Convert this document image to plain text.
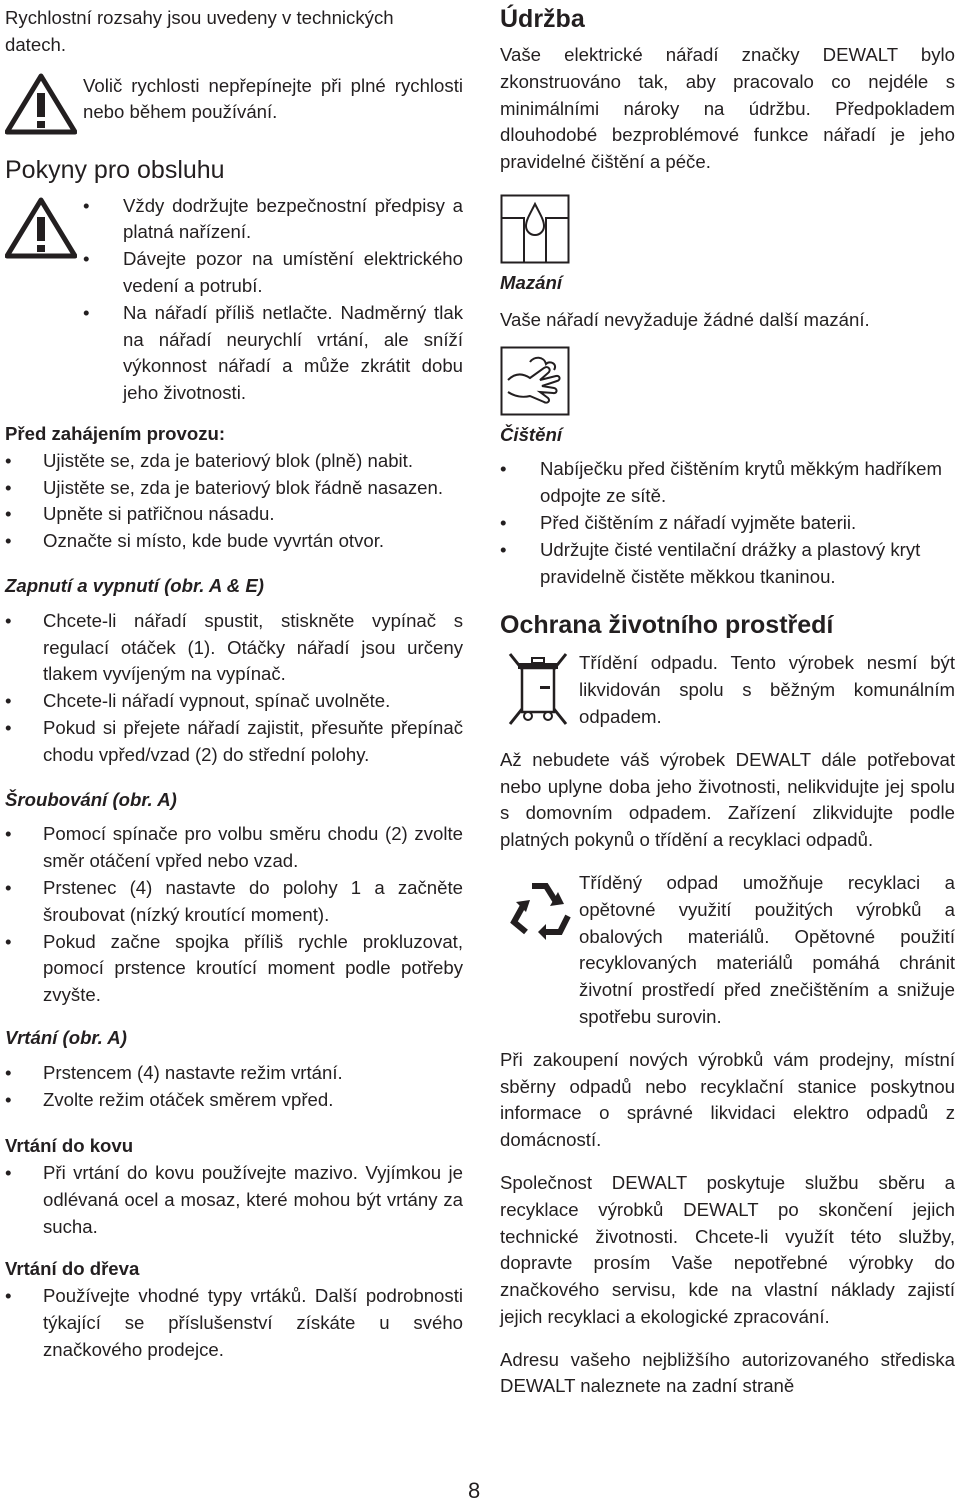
Rychlostní rozsahy jsou uvedeny v technických

datech.

Volič rychlosti nepřepínejte při plné rychlosti nebo během používání.

Pokyny pro obsluhu
• Vždy dodržujte bezpečnostní předpisy a platná nařízení.
• Dávejte pozor na umístění elektrického vedení a potrubí.
• Na nářadí příliš netlačte. Nadměrný tlak na nářadí neurychlí vrtání, ale sníží výkonnost nářadí a může zkrátit dobu jeho životnosti.
Před zahájením provozu:
• Ujistěte se, zda je bateriový blok (plně) nabit.
• Ujistěte se, zda je bateriový blok řádně nasazen.
• Upněte si patřičnou násadu.
• Označte si místo, kde bude vyvrtán otvor.
Zapnutí a vypnutí (obr. A & E)
• Chcete-li nářadí spustit, stiskněte vypínač s regulací otáček (1). Otáčky nářadí jsou určeny tlakem vyvíjeným na vypínač.
• Chcete-li nářadí vypnout, spínač uvolněte.
• Pokud si přejete nářadí zajistit, přesuňte přepínač chodu vpřed/vzad (2) do střední polohy.
Šroubování (obr. A)
• Pomocí spínače pro volbu směru chodu (2) zvolte směr otáčení vpřed nebo vzad.
• Prstenec (4) nastavte do polohy 1 a začněte šroubovat (nízký kroutící moment).
• Pokud začne spojka příliš rychle prokluzovat, pomocí prstence kroutící moment podle potřeby zvyšte.
Vrtání (obr. A)
• Prstencem (4) nastavte režim vrtání.
• Zvolte režim otáček směrem vpřed.
Vrtání do kovu
• Při vrtání do kovu používejte mazivo. Vyjímkou je odlévaná ocel a mosaz, které mohou být vrtány za sucha.
Vrtání do dřeva
• Používejte vhodné typy vrtáků. Další podrobnosti týkající se příslušenství získáte u svého značkového prodejce.
Údržba

Vaše elektrické nářadí značky DEWALT bylo zkonstruováno tak, aby pracovalo co nejdéle s minimálními nároky na údržbu. Předpokladem dlouhodobé bezproblémové funkce nářadí je jeho pravidelné čištění a péče.

Mazání

Vaše nářadí nevyžaduje žádné další mazání.

Čištění
• Nabíječku před čištěním krytů měkkým hadříkem odpojte ze sítě.
• Před čištěním z nářadí vyjměte baterii.
• Udržujte čisté ventilační drážky a plastový kryt pravidelně čistěte měkkou tkaninou.
Ochrana životního prostředí

Třídění odpadu. Tento výrobek nesmí být likvidován spolu s běžným komunálním odpadem.

Až nebudete váš výrobek DEWALT dále potřebovat nebo uplyne doba jeho životnosti, nelikvidujte jej spolu s domovním odpadem. Zařízení zlikvidujte podle platných pokynů o třídění a recyklaci odpadů.

Tříděný odpad umožňuje recyklaci a opětovné využití použitých výrobků a obalových materiálů. Opětovné použití recyklovaných materiálů pomáhá chránit životní prostředí před znečištěním a snižuje spotřebu surovin.

Při zakoupení nových výrobků vám prodejny, místní sběrny odpadů nebo recyklační stanice poskytnou informace o správné likvidaci elektro odpadů z domácností.

Společnost DEWALT poskytuje službu sběru a recyklace výrobků DEWALT po skončení jejich technické životnosti. Chcete-li využít této služby, dopravte prosím Vaše nepotřebné výrobky do značkového servisu, kde na vlastní náklady zajistí jejich recyklaci a ekologické zpracování.

Adresu vašeho nejbližšího autorizovaného střediska DEWALT naleznete na zadní straně

8
